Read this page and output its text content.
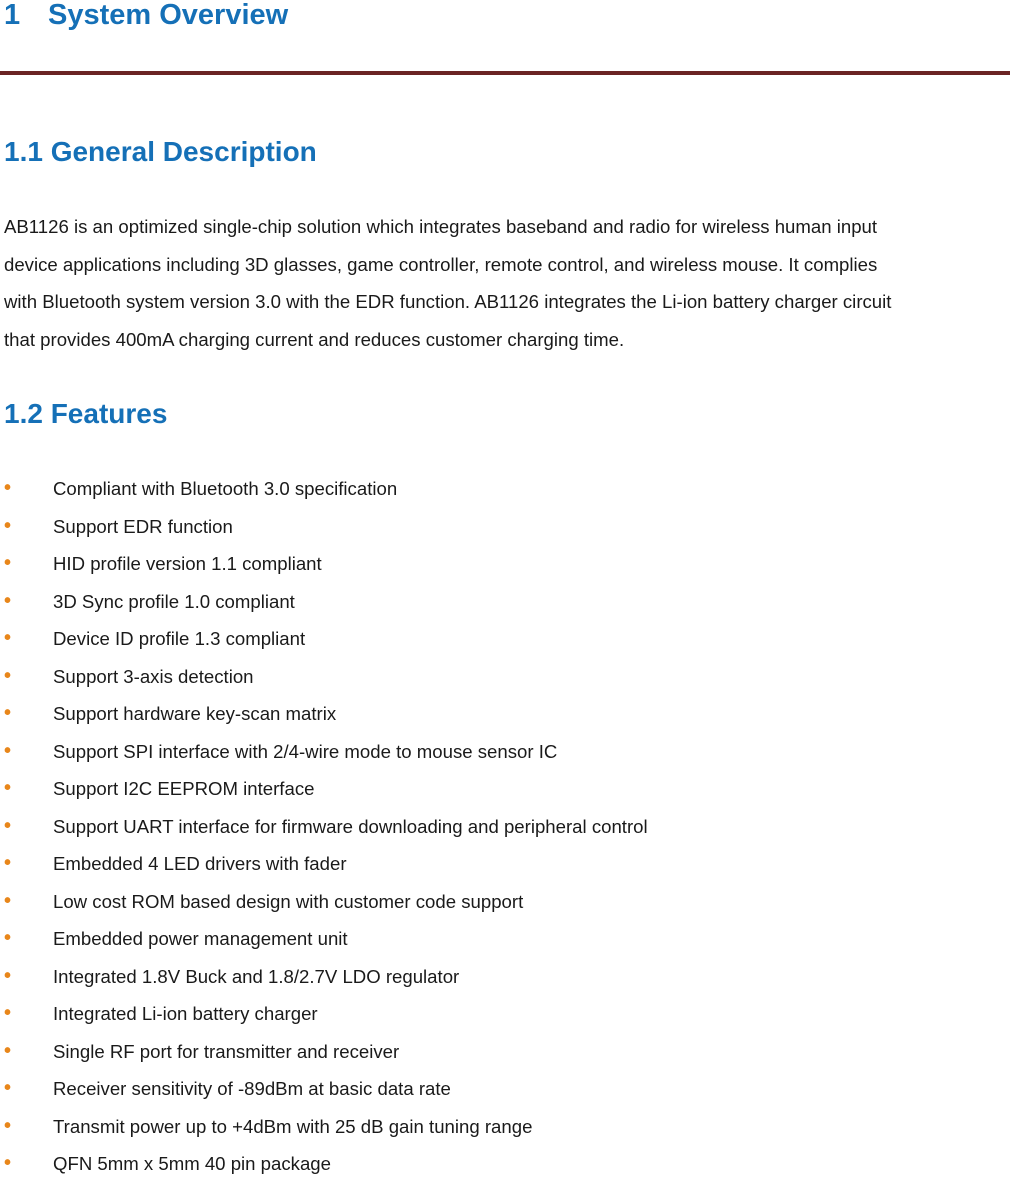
1 System Overview
1.1 General Description
AB1126 is an optimized single-chip solution which integrates baseband and radio for wireless human input
device applications including 3D glasses, game controller, remote control, and wireless mouse. It complies
with Bluetooth system version 3.0 with the EDR function. AB1126 integrates the Li-ion battery charger circuit
that provides 400mA charging current and reduces customer charging time.
1.2 Features
• Compliant with Bluetooth 3.0 specification
• Support EDR function
• HID profile version 1.1 compliant
• 3D Sync profile 1.0 compliant
• Device ID profile 1.3 compliant
• Support 3-axis detection
• Support hardware key-scan matrix
• Support SPI interface with 2/4-wire mode to mouse sensor IC
• Support I2C EEPROM interface
• Support UART interface for firmware downloading and peripheral control
• Embedded 4 LED drivers with fader
• Low cost ROM based design with customer code support
• Embedded power management unit
• Integrated 1.8V Buck and 1.8/2.7V LDO regulator
• Integrated Li-ion battery charger
• Single RF port for transmitter and receiver
• Receiver sensitivity of -89dBm at basic data rate
• Transmit power up to +4dBm with 25 dB gain tuning range
• QFN 5mm x 5mm 40 pin package
